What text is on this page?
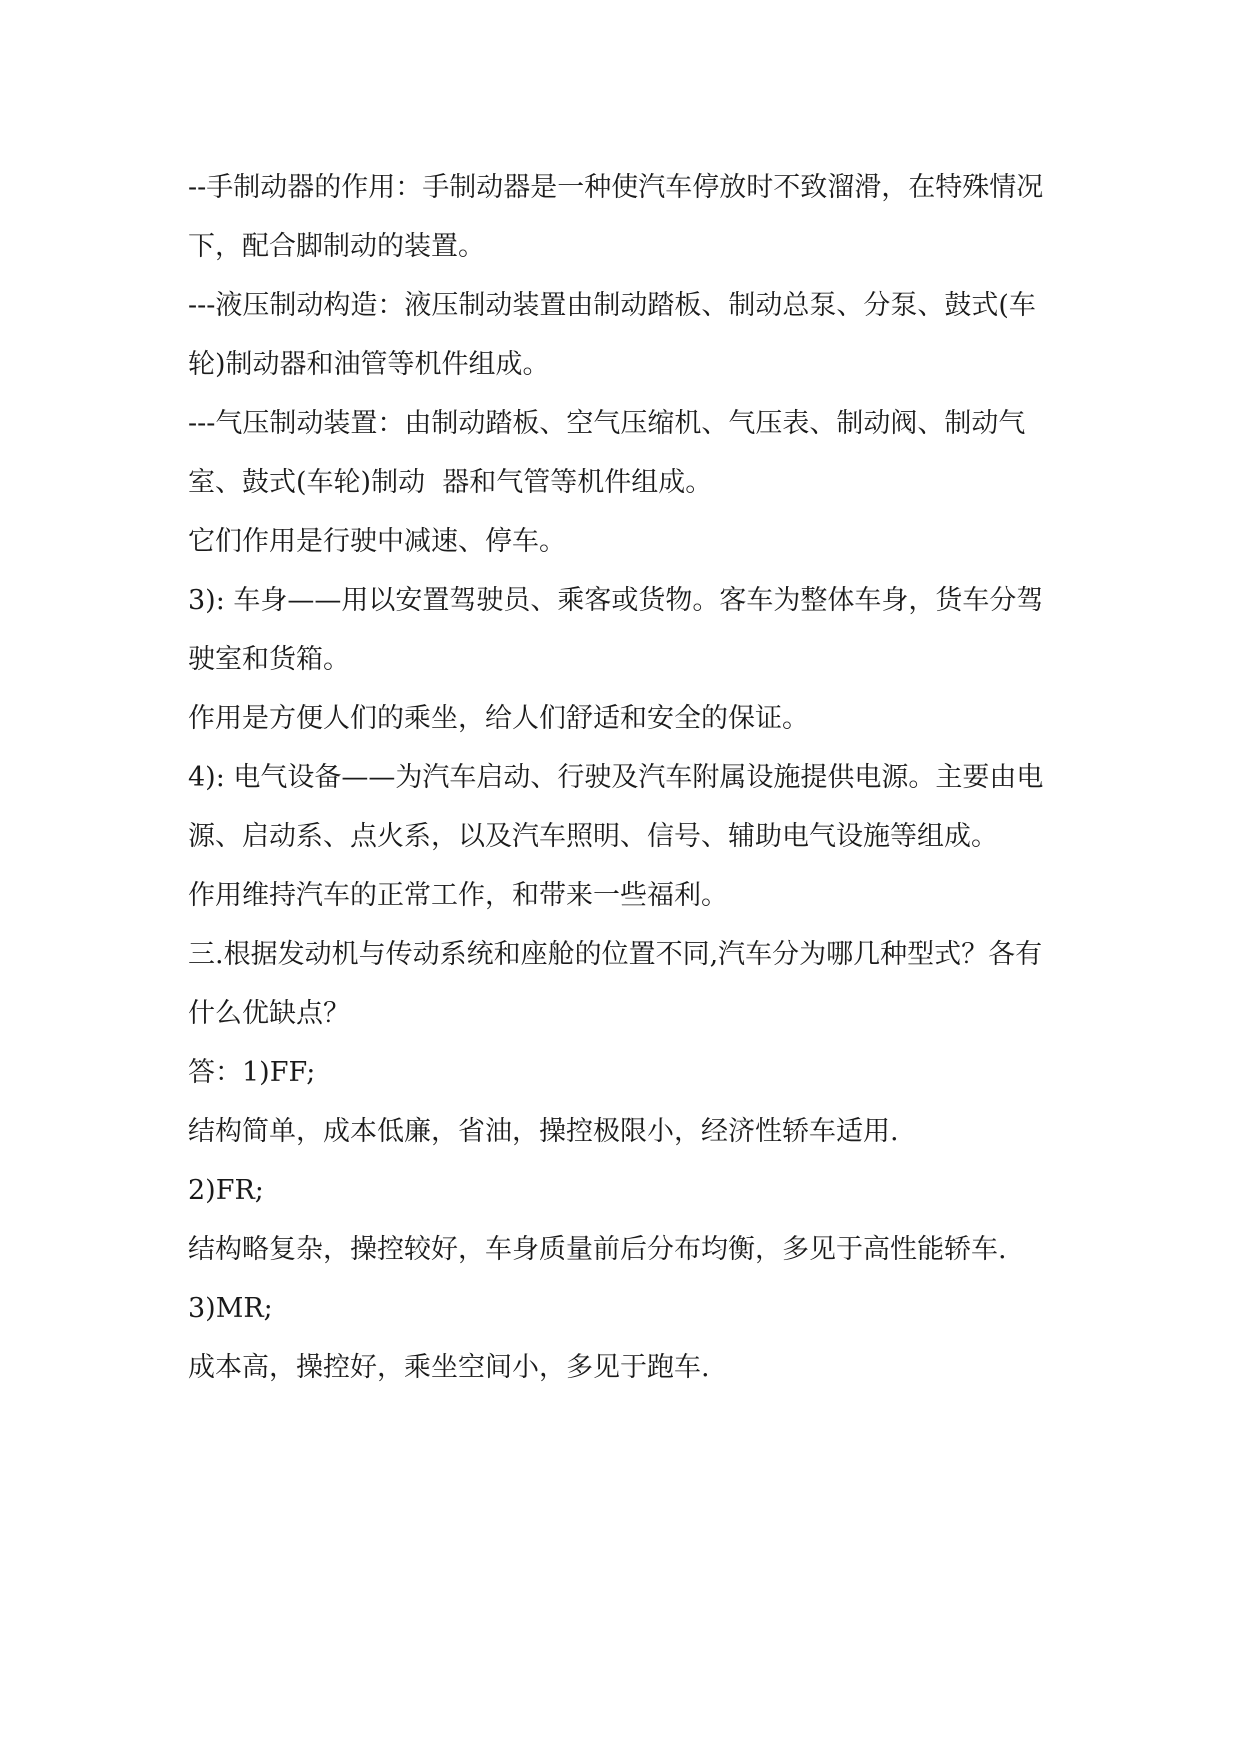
--手制动器的作用：手制动器是一种使汽车停放时不致溜滑，在特殊情况下，配合脚制动的装置。

---液压制动构造：液压制动装置由制动踏板、制动总泵、分泵、鼓式(车轮)制动器和油管等机件组成。

---气压制动装置：由制动踏板、空气压缩机、气压表、制动阀、制动气室、鼓式(车轮)制动  器和气管等机件组成。

它们作用是行驶中减速、停车。

3): 车身——用以安置驾驶员、乘客或货物。客车为整体车身，货车分驾驶室和货箱。

作用是方便人们的乘坐，给人们舒适和安全的保证。

4): 电气设备——为汽车启动、行驶及汽车附属设施提供电源。主要由电源、启动系、点火系，以及汽车照明、信号、辅助电气设施等组成。

作用维持汽车的正常工作，和带来一些福利。

三.根据发动机与传动系统和座舱的位置不同,汽车分为哪几种型式？各有什么优缺点？

答：1)FF;

结构简单，成本低廉，省油，操控极限小，经济性轿车适用.

2)FR;

结构略复杂，操控较好，车身质量前后分布均衡，多见于高性能轿车.

3)MR;

成本高，操控好，乘坐空间小，多见于跑车.
